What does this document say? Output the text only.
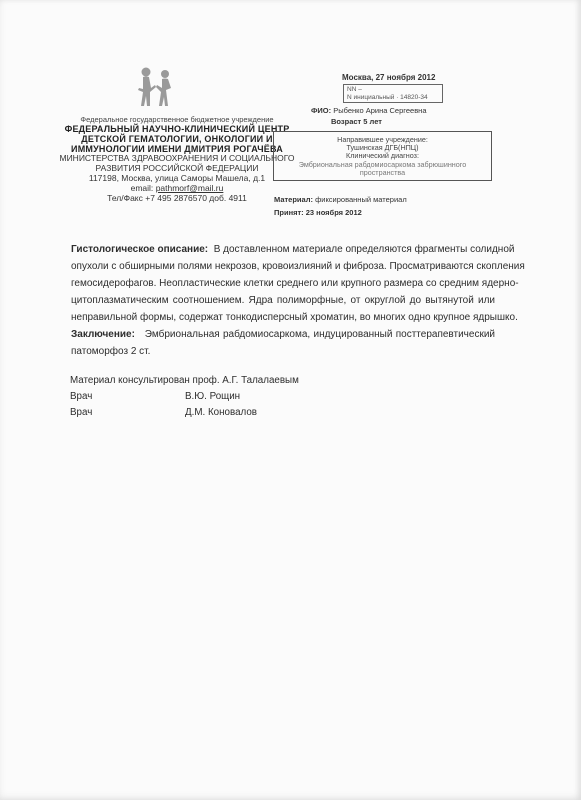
Федеральное государственное бюджетное учреждение
ФЕДЕРАЛЬНЫЙ НАУЧНО-КЛИНИЧЕСКИЙ ЦЕНТР
ДЕТСКОЙ ГЕМАТОЛОГИИ, ОНКОЛОГИИ И
ИММУНОЛОГИИ ИМЕНИ ДМИТРИЯ РОГАЧЁВА
МИНИСТЕРСТВА ЗДРАВООХРАНЕНИЯ И СОЦИАЛЬНОГО
РАЗВИТИЯ РОССИЙСКОЙ ФЕДЕРАЦИИ
117198, Москва, улица Саморы Машела, д.1
email: pathmorf@mail.ru
Тел/Факс +7 495 2876570 доб. 4911
Москва, 27 ноября 2012
NN –
N инициальный · 14820-34
ФИО: Рыбенко Арина Сергеевна
Возраст 5 лет
Направившее учреждение:
Тушинская ДГБ(НПЦ)
Клинический диагноз:
Эмбриональная рабдомиосаркома забрюшинного
пространства
Материал: фиксированный материал
Принят: 23 ноября 2012
Гистологическое описание: В доставленном материале определяются фрагменты солидной
опухоли с обширными полями некрозов, кровоизлияний и фиброза. Просматриваются скопления
гемосидерофагов. Неопластические клетки среднего или крупного размера со средним ядерно-
цитоплазматическим соотношением. Ядра полиморфные, от округлой до вытянутой или
неправильной формы, содержат тонкодисперсный хроматин, во многих одно крупное ядрышко.
Заключение: Эмбриональная рабдомиосаркома, индуцированный посттерапевтический
патоморфоз 2 ст.
Материал консультирован проф. А.Г. Талалаевым
Врач	В.Ю. Рощин
Врач	Д.М. Коновалов
